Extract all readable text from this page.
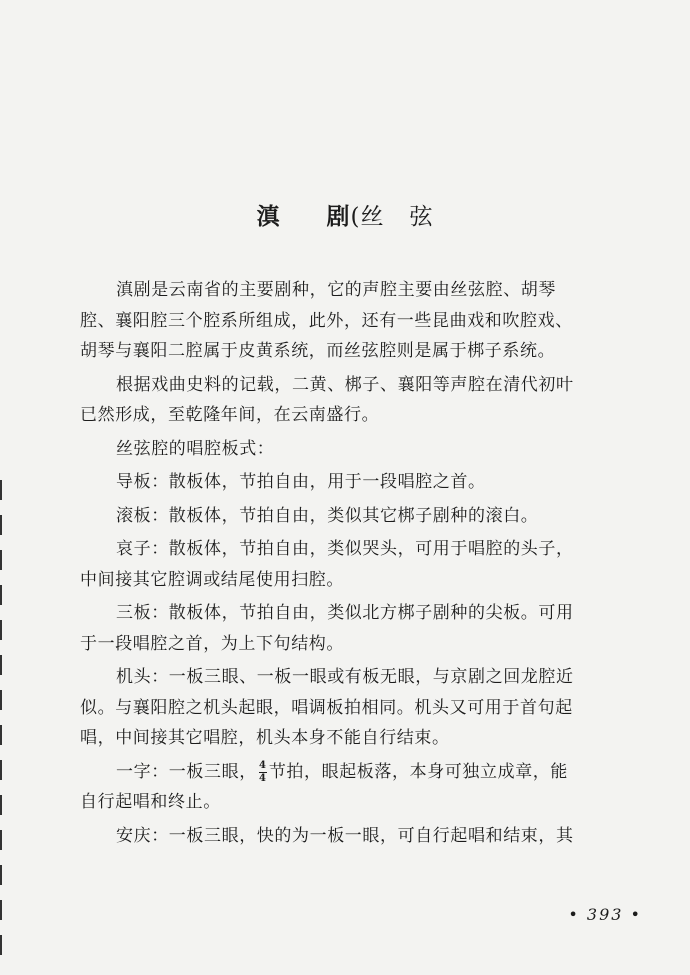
滇 剧(丝弦

滇剧是云南省的主要剧种，它的声腔主要由丝弦腔、胡琴
腔、襄阳腔三个腔系所组成，此外，还有一些昆曲戏和吹腔戏、
胡琴与襄阳二腔属于皮黄系统，而丝弦腔则是属于梆子系统。

根据戏曲史料的记载，二黄、梆子、襄阳等声腔在清代初叶
已然形成，至乾隆年间，在云南盛行。

丝弦腔的唱腔板式：

导板：散板体，节拍自由，用于一段唱腔之首。

滚板：散板体，节拍自由，类似其它梆子剧种的滚白。

哀子：散板体，节拍自由，类似哭头，可用于唱腔的头子，
中间接其它腔调或结尾使用扫腔。

三板：散板体，节拍自由，类似北方梆子剧种的尖板。可用
于一段唱腔之首，为上下句结构。

机头：一板三眼、一板一眼或有板无眼，与京剧之回龙腔近
似。与襄阳腔之机头起眼，唱调板拍相同。机头又可用于首句起
唱，中间接其它唱腔，机头本身不能自行结束。

一字：一板三眼， $\frac{4}{4}$ 节拍，眼起板落，本身可独立成章，能
自行起唱和终止。

安庆：一板三眼，快的为一板一眼，可自行起唱和结束，其

• 393 •
